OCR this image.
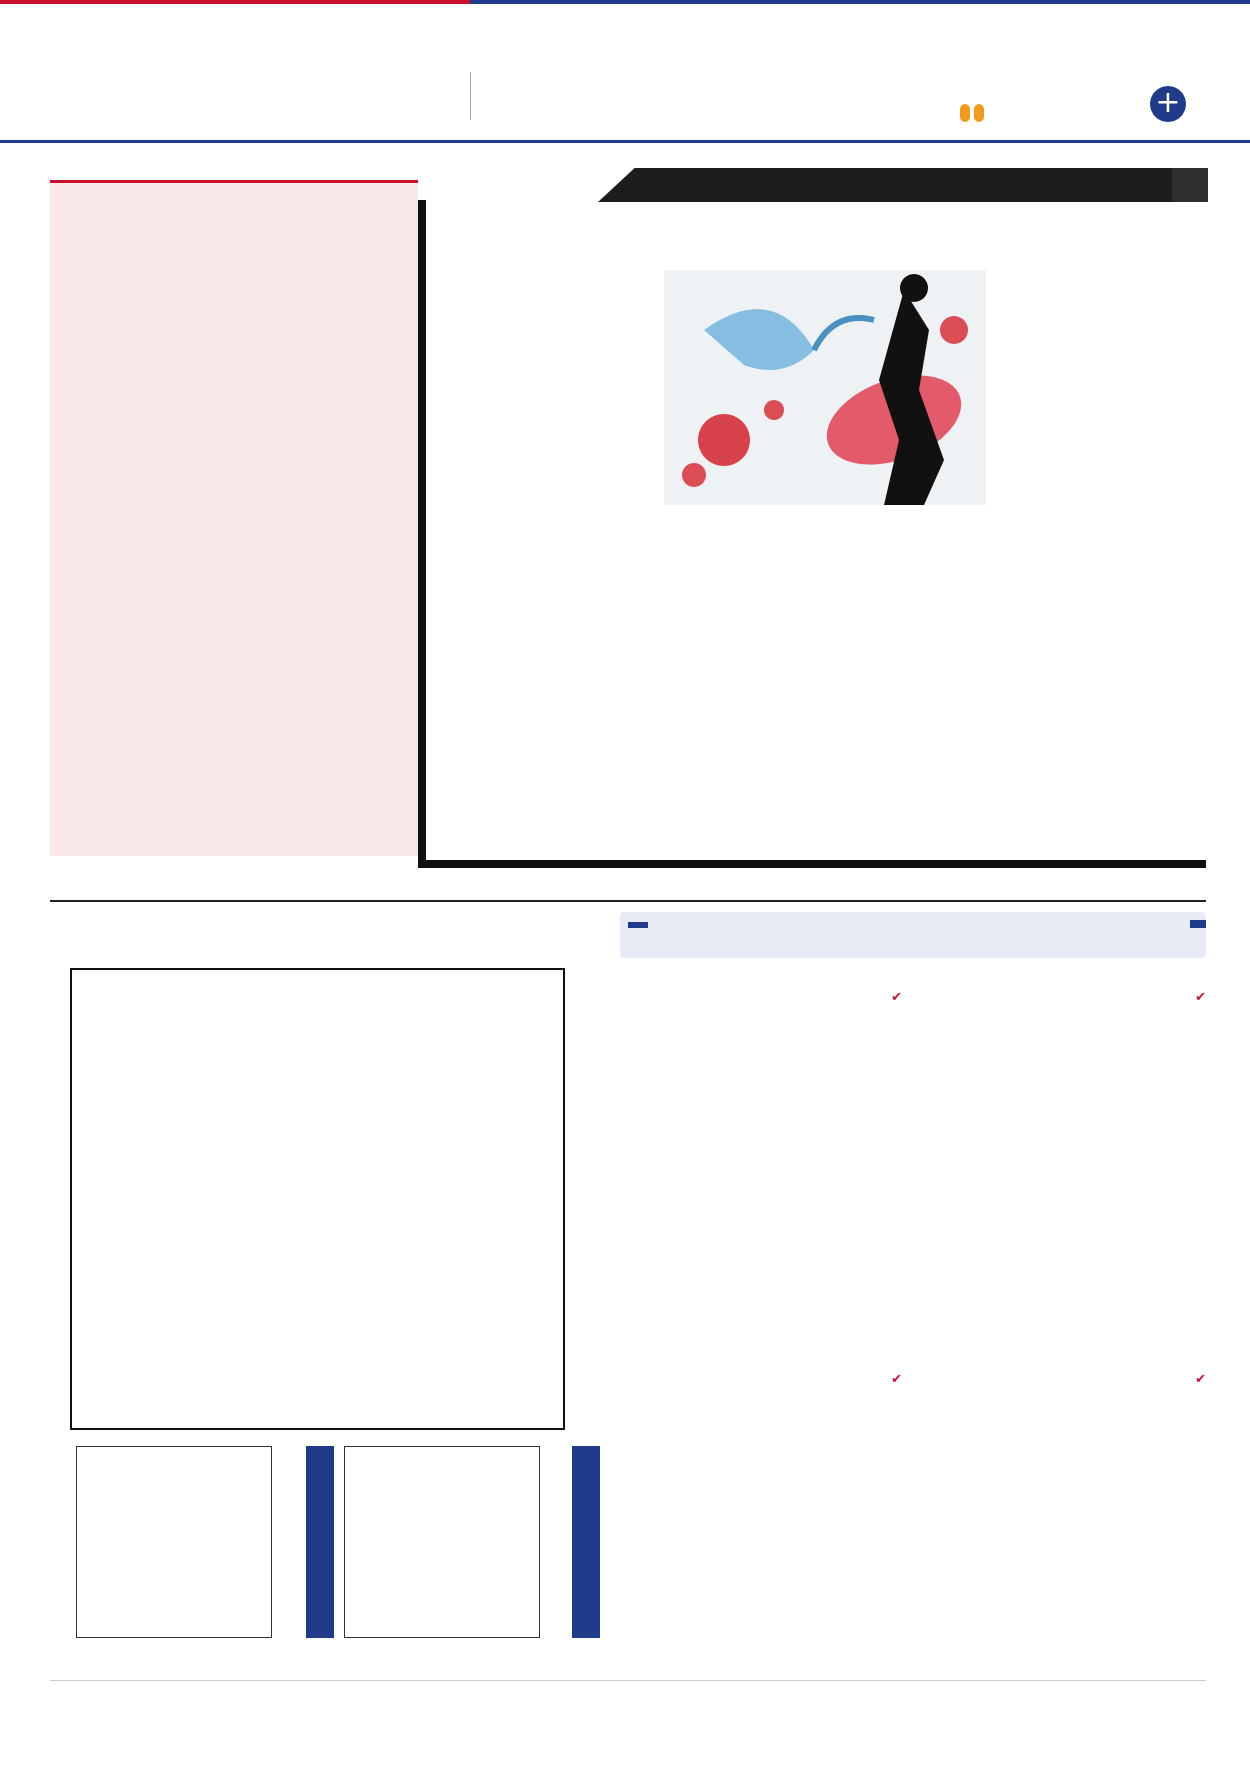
+

✔
✔
✔
✔
